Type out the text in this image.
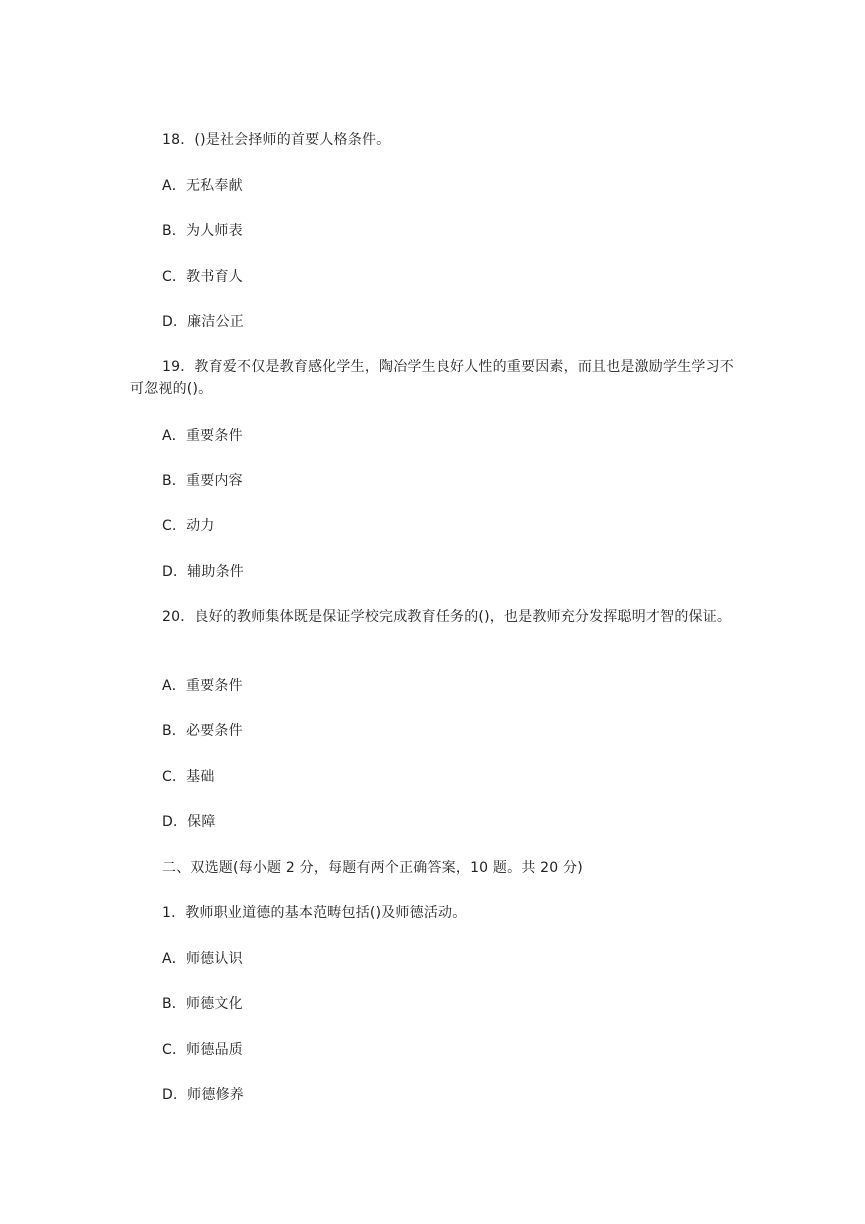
18．()是社会择师的首要人格条件。
A．无私奉献
B．为人师表
C．教书育人
D．廉洁公正
19．教育爱不仅是教育感化学生，陶冶学生良好人性的重要因素，而且也是激励学生学习不可忽视的()。
A．重要条件
B．重要内容
C．动力
D．辅助条件
20．良好的教师集体既是保证学校完成教育任务的()，也是教师充分发挥聪明才智的保证。
A．重要条件
B．必要条件
C．基础
D．保障
二、双选题(每小题 2 分，每题有两个正确答案，10 题。共 20 分)
1．教师职业道德的基本范畴包括()及师德活动。
A．师德认识
B．师德文化
C．师德品质
D．师德修养
